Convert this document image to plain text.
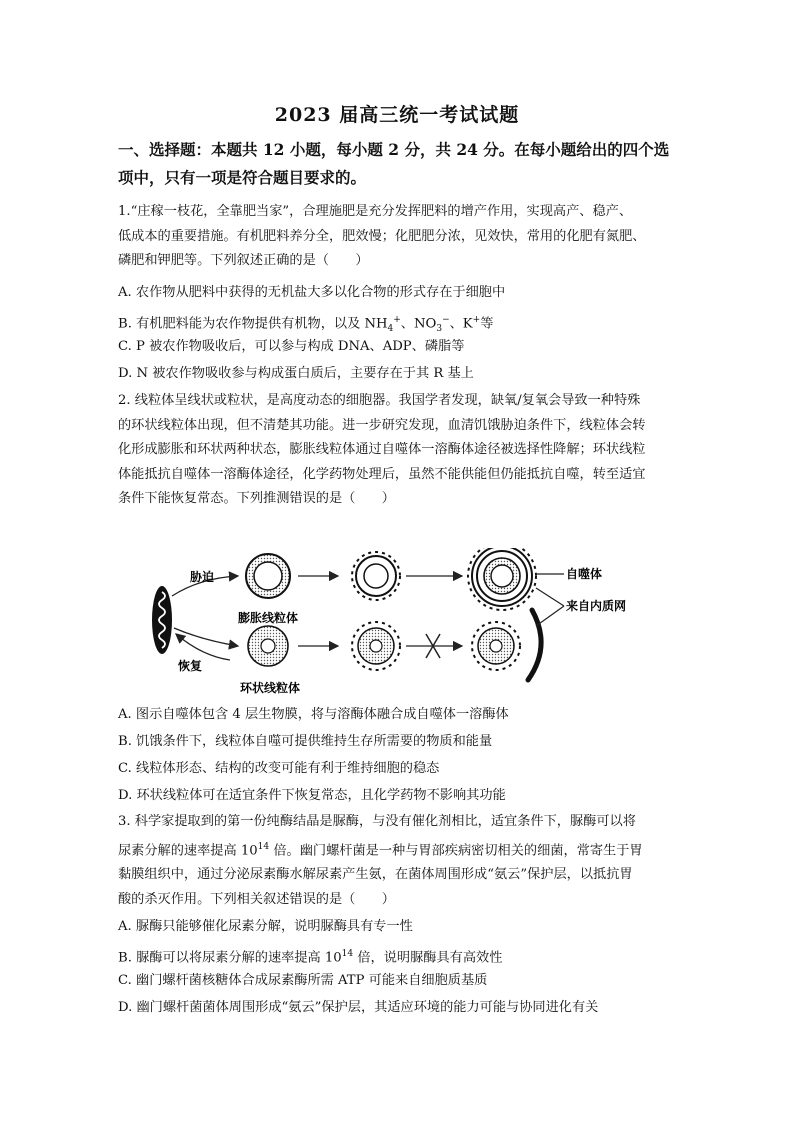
2023 届高三统一考试试题
一、选择题：本题共 12 小题，每小题 2 分，共 24 分。在每小题给出的四个选
项中，只有一项是符合题目要求的。
1.“庄稼一枝花，全靠肥当家”，合理施肥是充分发挥肥料的增产作用，实现高产、稳产、
低成本的重要措施。有机肥料养分全，肥效慢；化肥肥分浓，见效快，常用的化肥有氮肥、
磷肥和钾肥等。下列叙述正确的是（　　）
A. 农作物从肥料中获得的无机盐大多以化合物的形式存在于细胞中
B. 有机肥料能为农作物提供有机物，以及 $NH_4^+$、$NO_3^-$、K+等
C. P 被农作物吸收后，可以参与构成 DNA、ADP、磷脂等
D. N 被农作物吸收参与构成蛋白质后，主要存在于其 R 基上
2. 线粒体呈线状或粒状，是高度动态的细胞器。我国学者发现，缺氧/复氧会导致一种特殊
的环状线粒体出现，但不清楚其功能。进一步研究发现，血清饥饿胁迫条件下，线粒体会转
化形成膨胀和环状两种状态，膨胀线粒体通过自噬体一溶酶体途径被选择性降解；环状线粒
体能抵抗自噬体一溶酶体途径，化学药物处理后，虽然不能供能但仍能抵抗自噬，转至适宜
条件下能恢复常态。下列推测错误的是（　　）
胁迫
恢复
膨胀线粒体
环状线粒体
自噬体
来自内质网
A. 图示自噬体包含 4 层生物膜，将与溶酶体融合成自噬体一溶酶体
B. 饥饿条件下，线粒体自噬可提供维持生存所需要的物质和能量
C. 线粒体形态、结构的改变可能有利于维持细胞的稳态
D. 环状线粒体可在适宜条件下恢复常态，且化学药物不影响其功能
3. 科学家提取到的第一份纯酶结晶是脲酶，与没有催化剂相比，适宜条件下，脲酶可以将
尿素分解的速率提高 $10^{14}$ 倍。幽门螺杆菌是一种与胃部疾病密切相关的细菌，常寄生于胃
黏膜组织中，通过分泌尿素酶水解尿素产生氨，在菌体周围形成“氨云”保护层，以抵抗胃
酸的杀灭作用。下列相关叙述错误的是（　　）
A. 脲酶只能够催化尿素分解，说明脲酶具有专一性
B. 脲酶可以将尿素分解的速率提高 $10^{14}$ 倍，说明脲酶具有高效性
C. 幽门螺杆菌核糖体合成尿素酶所需 ATP 可能来自细胞质基质
D. 幽门螺杆菌菌体周围形成“氨云”保护层，其适应环境的能力可能与协同进化有关
